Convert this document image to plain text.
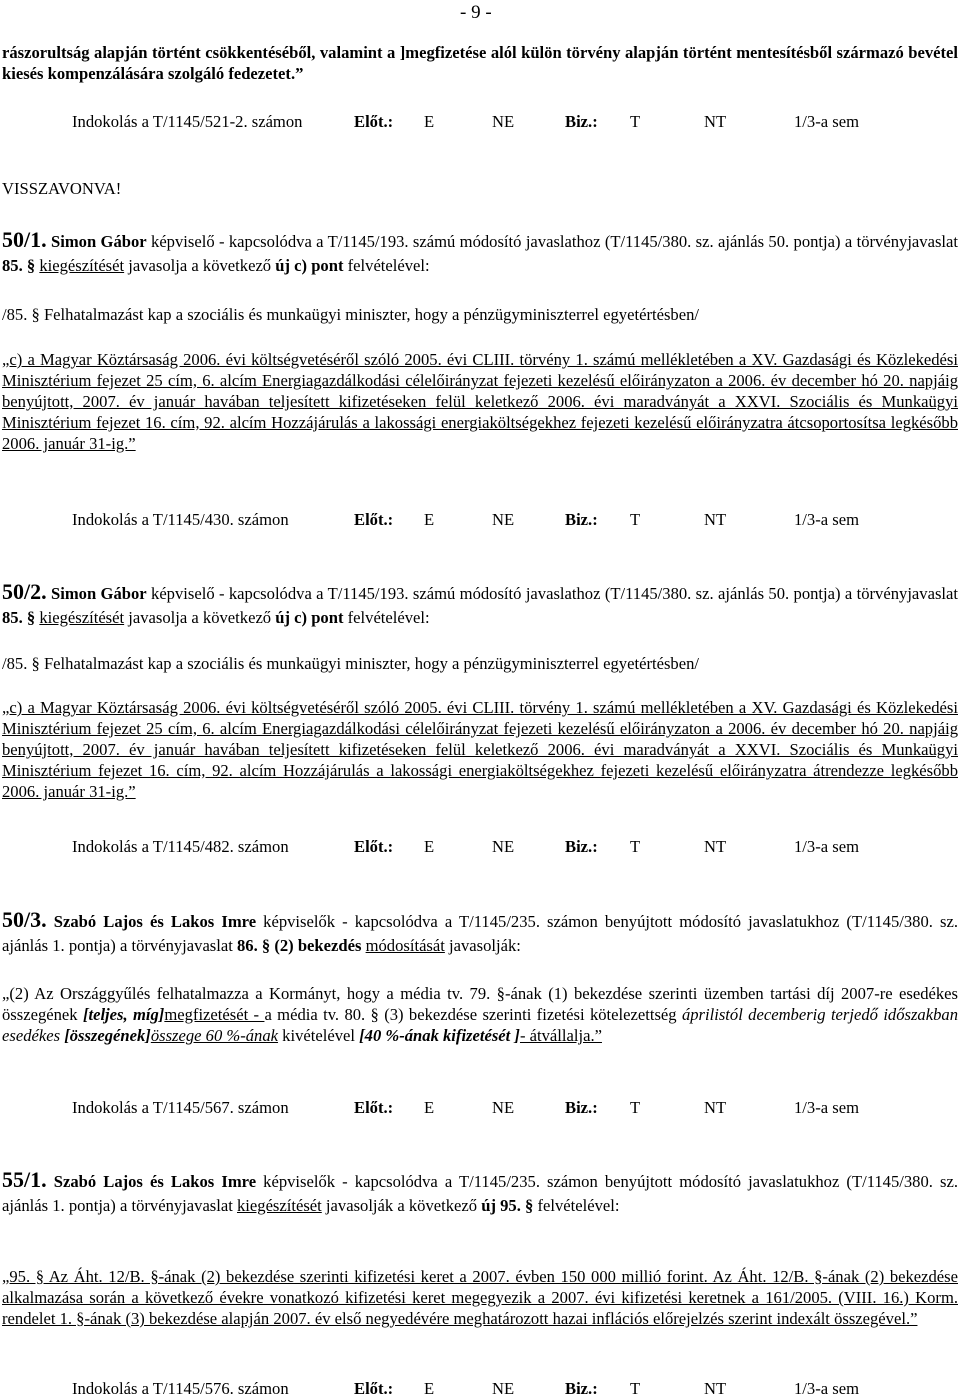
- 9 -
rászorultság alapján történt csökkentéséből, valamint a ]megfizetése alól külön törvény alapján történt mentesítésből származó bevétel kiesés kompenzálására szolgáló fedezetet.”
Indokolás a T/1145/521-2. számon	Előt.: E	NE	Biz.: T	NT	1/3-a sem
VISSZAVONVA!
50/1. Simon Gábor képviselő - kapcsolódva a T/1145/193. számú módosító javaslathoz (T/1145/380. sz. ajánlás 50. pontja) a törvényjavaslat 85. § kiegészítését javasolja a következő új c) pont felvételével:
/85. § Felhatalmazást kap a szociális és munkaügyi miniszter, hogy a pénzügyminiszterrel egyetértésben/
„c) a Magyar Köztársaság 2006. évi költségvetéséről szóló 2005. évi CLIII. törvény 1. számú mellékletében a XV. Gazdasági és Közlekedési Minisztérium fejezet 25 cím, 6. alcím Energiagazdálkodási célelőirányzat fejezeti kezelésű előirányzaton a 2006. év december hó 20. napjáig benyújtott, 2007. év január havában teljesített kifizetéseken felül keletkező 2006. évi maradványát a XXVI. Szociális és Munkaügyi Minisztérium fejezet 16. cím, 92. alcím Hozzájárulás a lakossági energiaköltségekhez fejezeti kezelésű előirányzatra átcsoportosítsa legkésőbb 2006. január 31-ig.”
Indokolás a T/1145/430. számon	Előt.: E	NE	Biz.: T	NT	1/3-a sem
50/2. Simon Gábor képviselő - kapcsolódva a T/1145/193. számú módosító javaslathoz (T/1145/380. sz. ajánlás 50. pontja) a törvényjavaslat 85. § kiegészítését javasolja a következő új c) pont felvételével:
/85. § Felhatalmazást kap a szociális és munkaügyi miniszter, hogy a pénzügyminiszterrel egyetértésben/
„c) a Magyar Köztársaság 2006. évi költségvetéséről szóló 2005. évi CLIII. törvény 1. számú mellékletében a XV. Gazdasági és Közlekedési Minisztérium fejezet 25 cím, 6. alcím Energiagazdálkodási célelőirányzat fejezeti kezelésű előirányzaton a 2006. év december hó 20. napjáig benyújtott, 2007. év január havában teljesített kifizetéseken felül keletkező 2006. évi maradványát a XXVI. Szociális és Munkaügyi Minisztérium fejezet 16. cím, 92. alcím Hozzájárulás a lakossági energiaköltségekhez fejezeti kezelésű előirányzatra átrendezze legkésőbb 2006. január 31-ig.”
Indokolás a T/1145/482. számon	Előt.: E	NE	Biz.: T	NT	1/3-a sem
50/3. Szabó Lajos és Lakos Imre képviselők - kapcsolódva a T/1145/235. számon benyújtott módosító javaslatukhoz (T/1145/380. sz. ajánlás 1. pontja) a törvényjavaslat 86. § (2) bekezdés módosítását javasolják:
„(2) Az Országgyűlés felhatalmazza a Kormányt, hogy a média tv. 79. §-ának (1) bekezdése szerinti üzemben tartási díj 2007-re esedékes összegének [teljes, míg]megfizetését - a média tv. 80. § (3) bekezdése szerinti fizetési kötelezettség áprilistól decemberig terjedő időszakban esedékes [összegének]összege 60 %-ának kivételével [40 %-ának kifizetését ]- átvállalja.”
Indokolás a T/1145/567. számon	Előt.: E	NE	Biz.: T	NT	1/3-a sem
55/1. Szabó Lajos és Lakos Imre képviselők - kapcsolódva a T/1145/235. számon benyújtott módosító javaslatukhoz (T/1145/380. sz. ajánlás 1. pontja) a törvényjavaslat kiegészítését javasolják a következő új 95. § felvételével:
„95. § Az Áht. 12/B. §-ának (2) bekezdése szerinti kifizetési keret a 2007. évben 150 000 millió forint. Az Áht. 12/B. §-ának (2) bekezdése alkalmazása során a következő évekre vonatkozó kifizetési keret megegyezik a 2007. évi kifizetési keretnek a 161/2005. (VIII. 16.) Korm. rendelet 1. §-ának (3) bekezdése alapján 2007. év első negyedévére meghatározott hazai inflációs előrejelzés szerint indexált összegével.”
Indokolás a T/1145/576. számon	Előt.: E	NE	Biz.: T	NT	1/3-a sem
